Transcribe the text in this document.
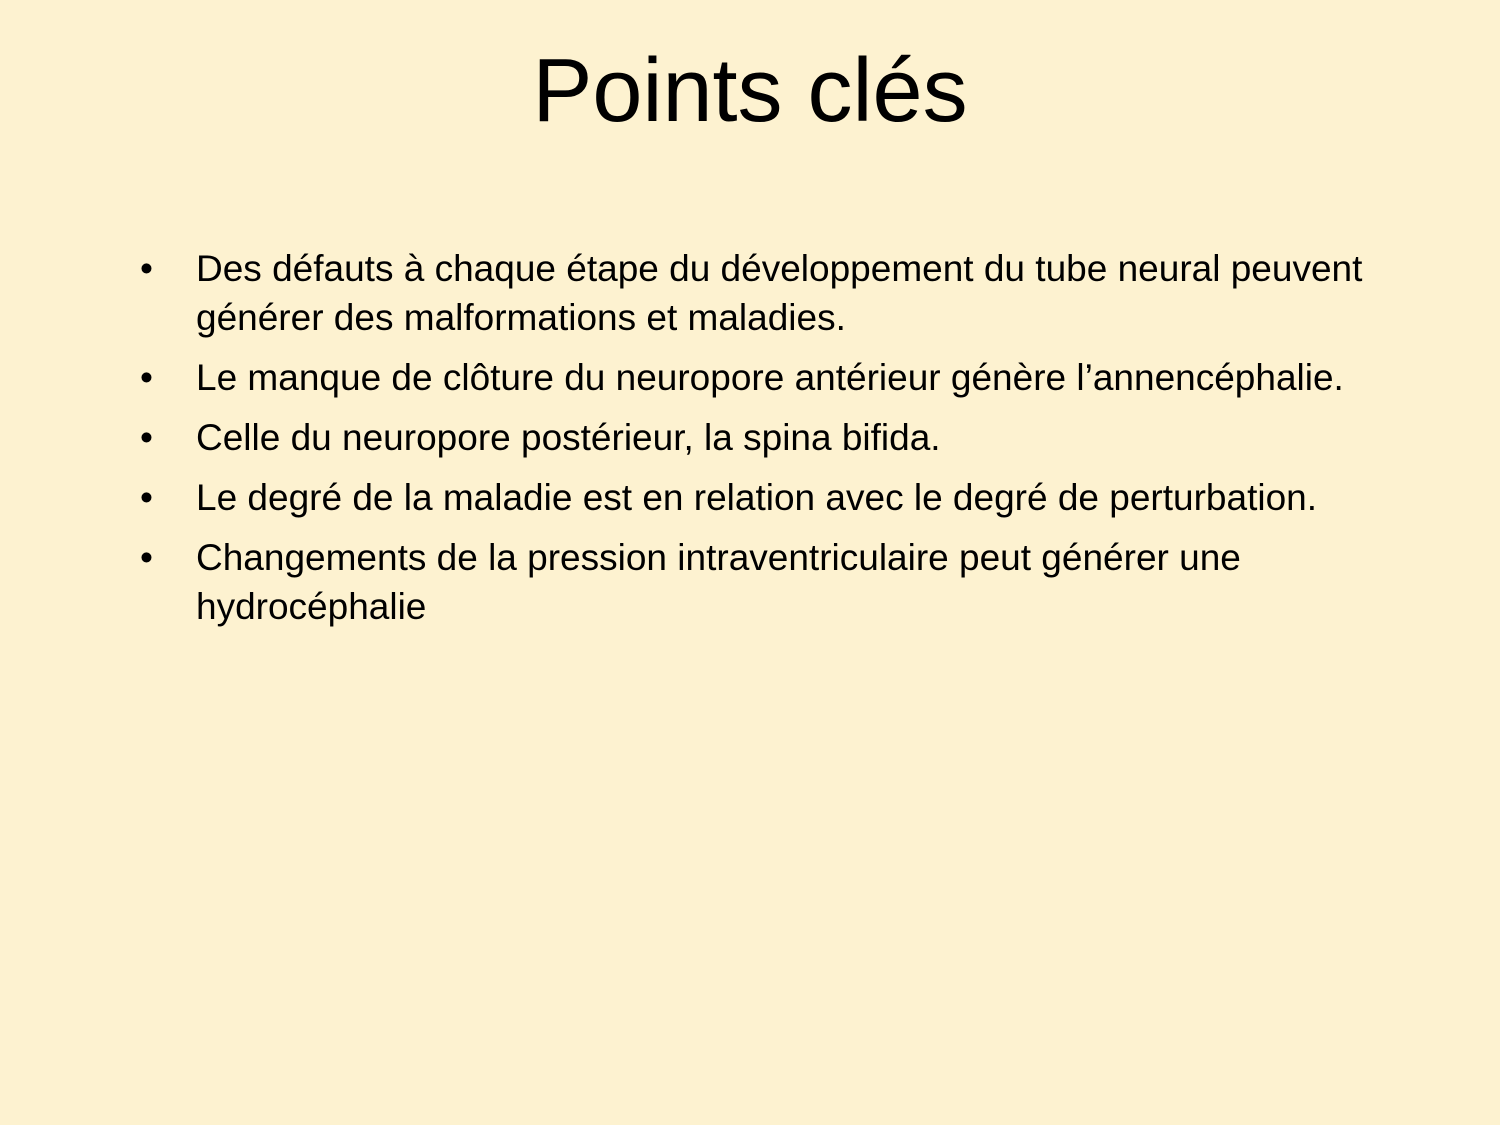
Points clés
•	Des défauts à chaque étape du développement du tube neural peuvent générer des malformations et maladies.
•	Le manque de clôture du neuropore antérieur génère l’annencéphalie.
•	Celle du neuropore postérieur, la spina bifida.
•	Le degré de la maladie est en relation avec le degré de perturbation.
•	Changements de la pression intraventriculaire peut générer une hydrocéphalie
